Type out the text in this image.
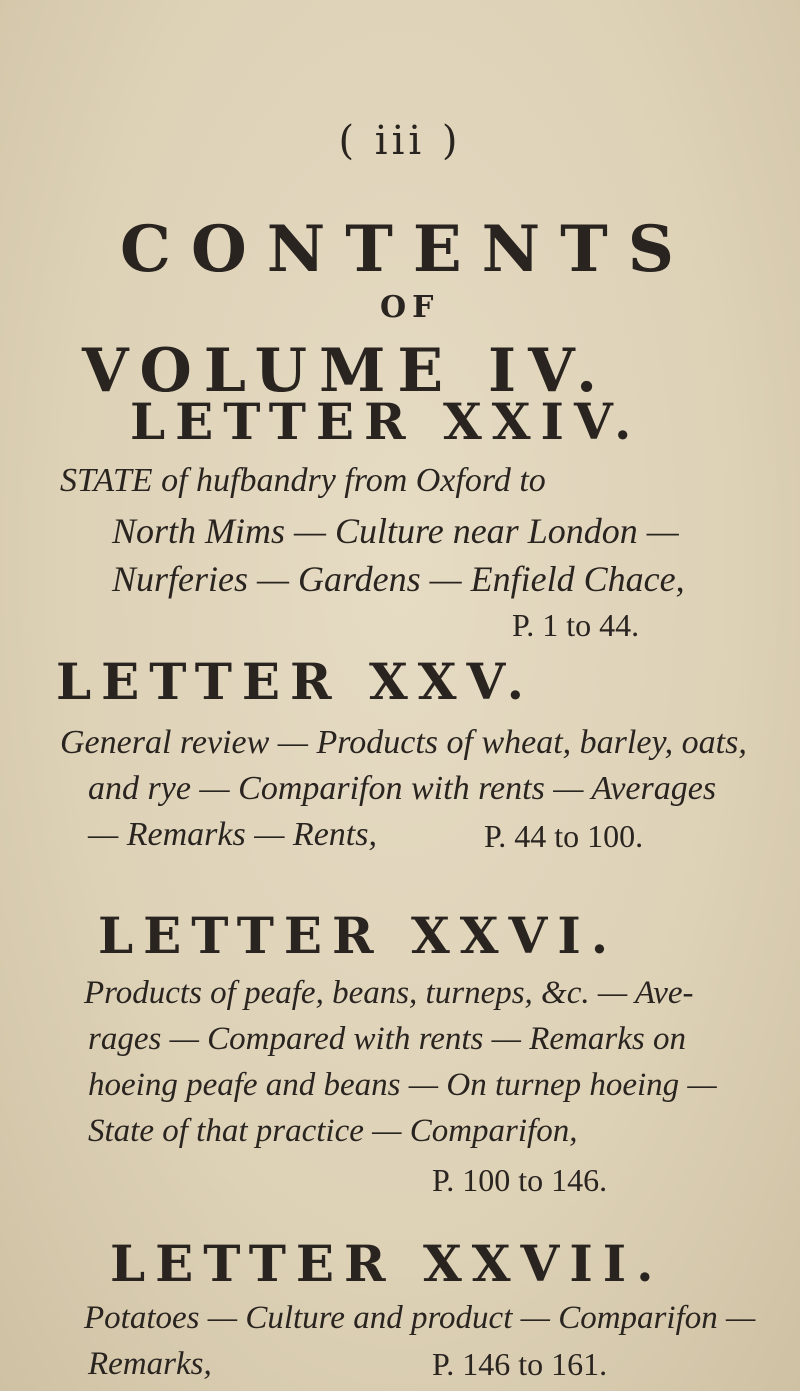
( iii )
CONTENTS
OF
VOLUME IV.
LETTER XXIV.
STATE of hufbandry from Oxford to
North Mims — Culture near London —
Nurferies — Gardens — Enfield Chace,
P. 1 to 44.
LETTER XXV.
General review — Products of wheat, barley, oats,
and rye — Comparifon with rents — Averages
— Remarks — Rents,	P. 44 to 100.
LETTER XXVI.
Products of peafe, beans, turneps, &c. — Ave-
rages — Compared with rents — Remarks on
hoeing peafe and beans — On turnep hoeing —
State of that practice — Comparifon,
P. 100 to 146.
LETTER XXVII.
Potatoes — Culture and product — Comparifon —
Remarks,	P. 146 to 161.
